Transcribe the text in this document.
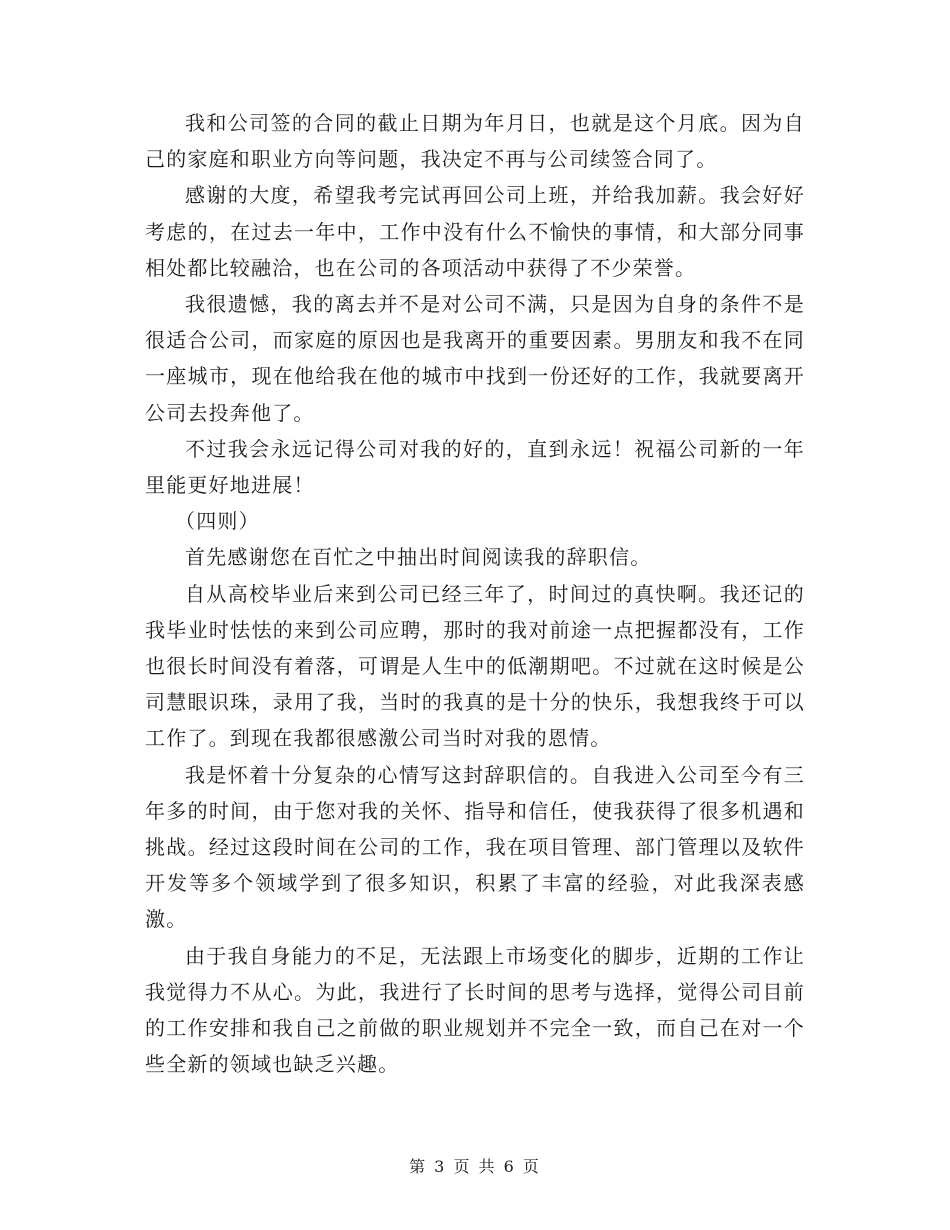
我和公司签的合同的截止日期为年月日，也就是这个月底。因为自己的家庭和职业方向等问题，我决定不再与公司续签合同了。

感谢的大度，希望我考完试再回公司上班，并给我加薪。我会好好考虑的，在过去一年中，工作中没有什么不愉快的事情，和大部分同事相处都比较融洽，也在公司的各项活动中获得了不少荣誉。

我很遗憾，我的离去并不是对公司不满，只是因为自身的条件不是很适合公司，而家庭的原因也是我离开的重要因素。男朋友和我不在同一座城市，现在他给我在他的城市中找到一份还好的工作，我就要离开公司去投奔他了。

不过我会永远记得公司对我的好的，直到永远！祝福公司新的一年里能更好地进展！

（四则）

首先感谢您在百忙之中抽出时间阅读我的辞职信。

自从高校毕业后来到公司已经三年了，时间过的真快啊。我还记的我毕业时怯怯的来到公司应聘，那时的我对前途一点把握都没有，工作也很长时间没有着落，可谓是人生中的低潮期吧。不过就在这时候是公司慧眼识珠，录用了我，当时的我真的是十分的快乐，我想我终于可以工作了。到现在我都很感激公司当时对我的恩情。

我是怀着十分复杂的心情写这封辞职信的。自我进入公司至今有三年多的时间，由于您对我的关怀、指导和信任，使我获得了很多机遇和挑战。经过这段时间在公司的工作，我在项目管理、部门管理以及软件开发等多个领域学到了很多知识，积累了丰富的经验，对此我深表感激。

由于我自身能力的不足，无法跟上市场变化的脚步，近期的工作让我觉得力不从心。为此，我进行了长时间的思考与选择，觉得公司目前的工作安排和我自己之前做的职业规划并不完全一致，而自己在对一个些全新的领域也缺乏兴趣。

第 3 页 共 6 页
